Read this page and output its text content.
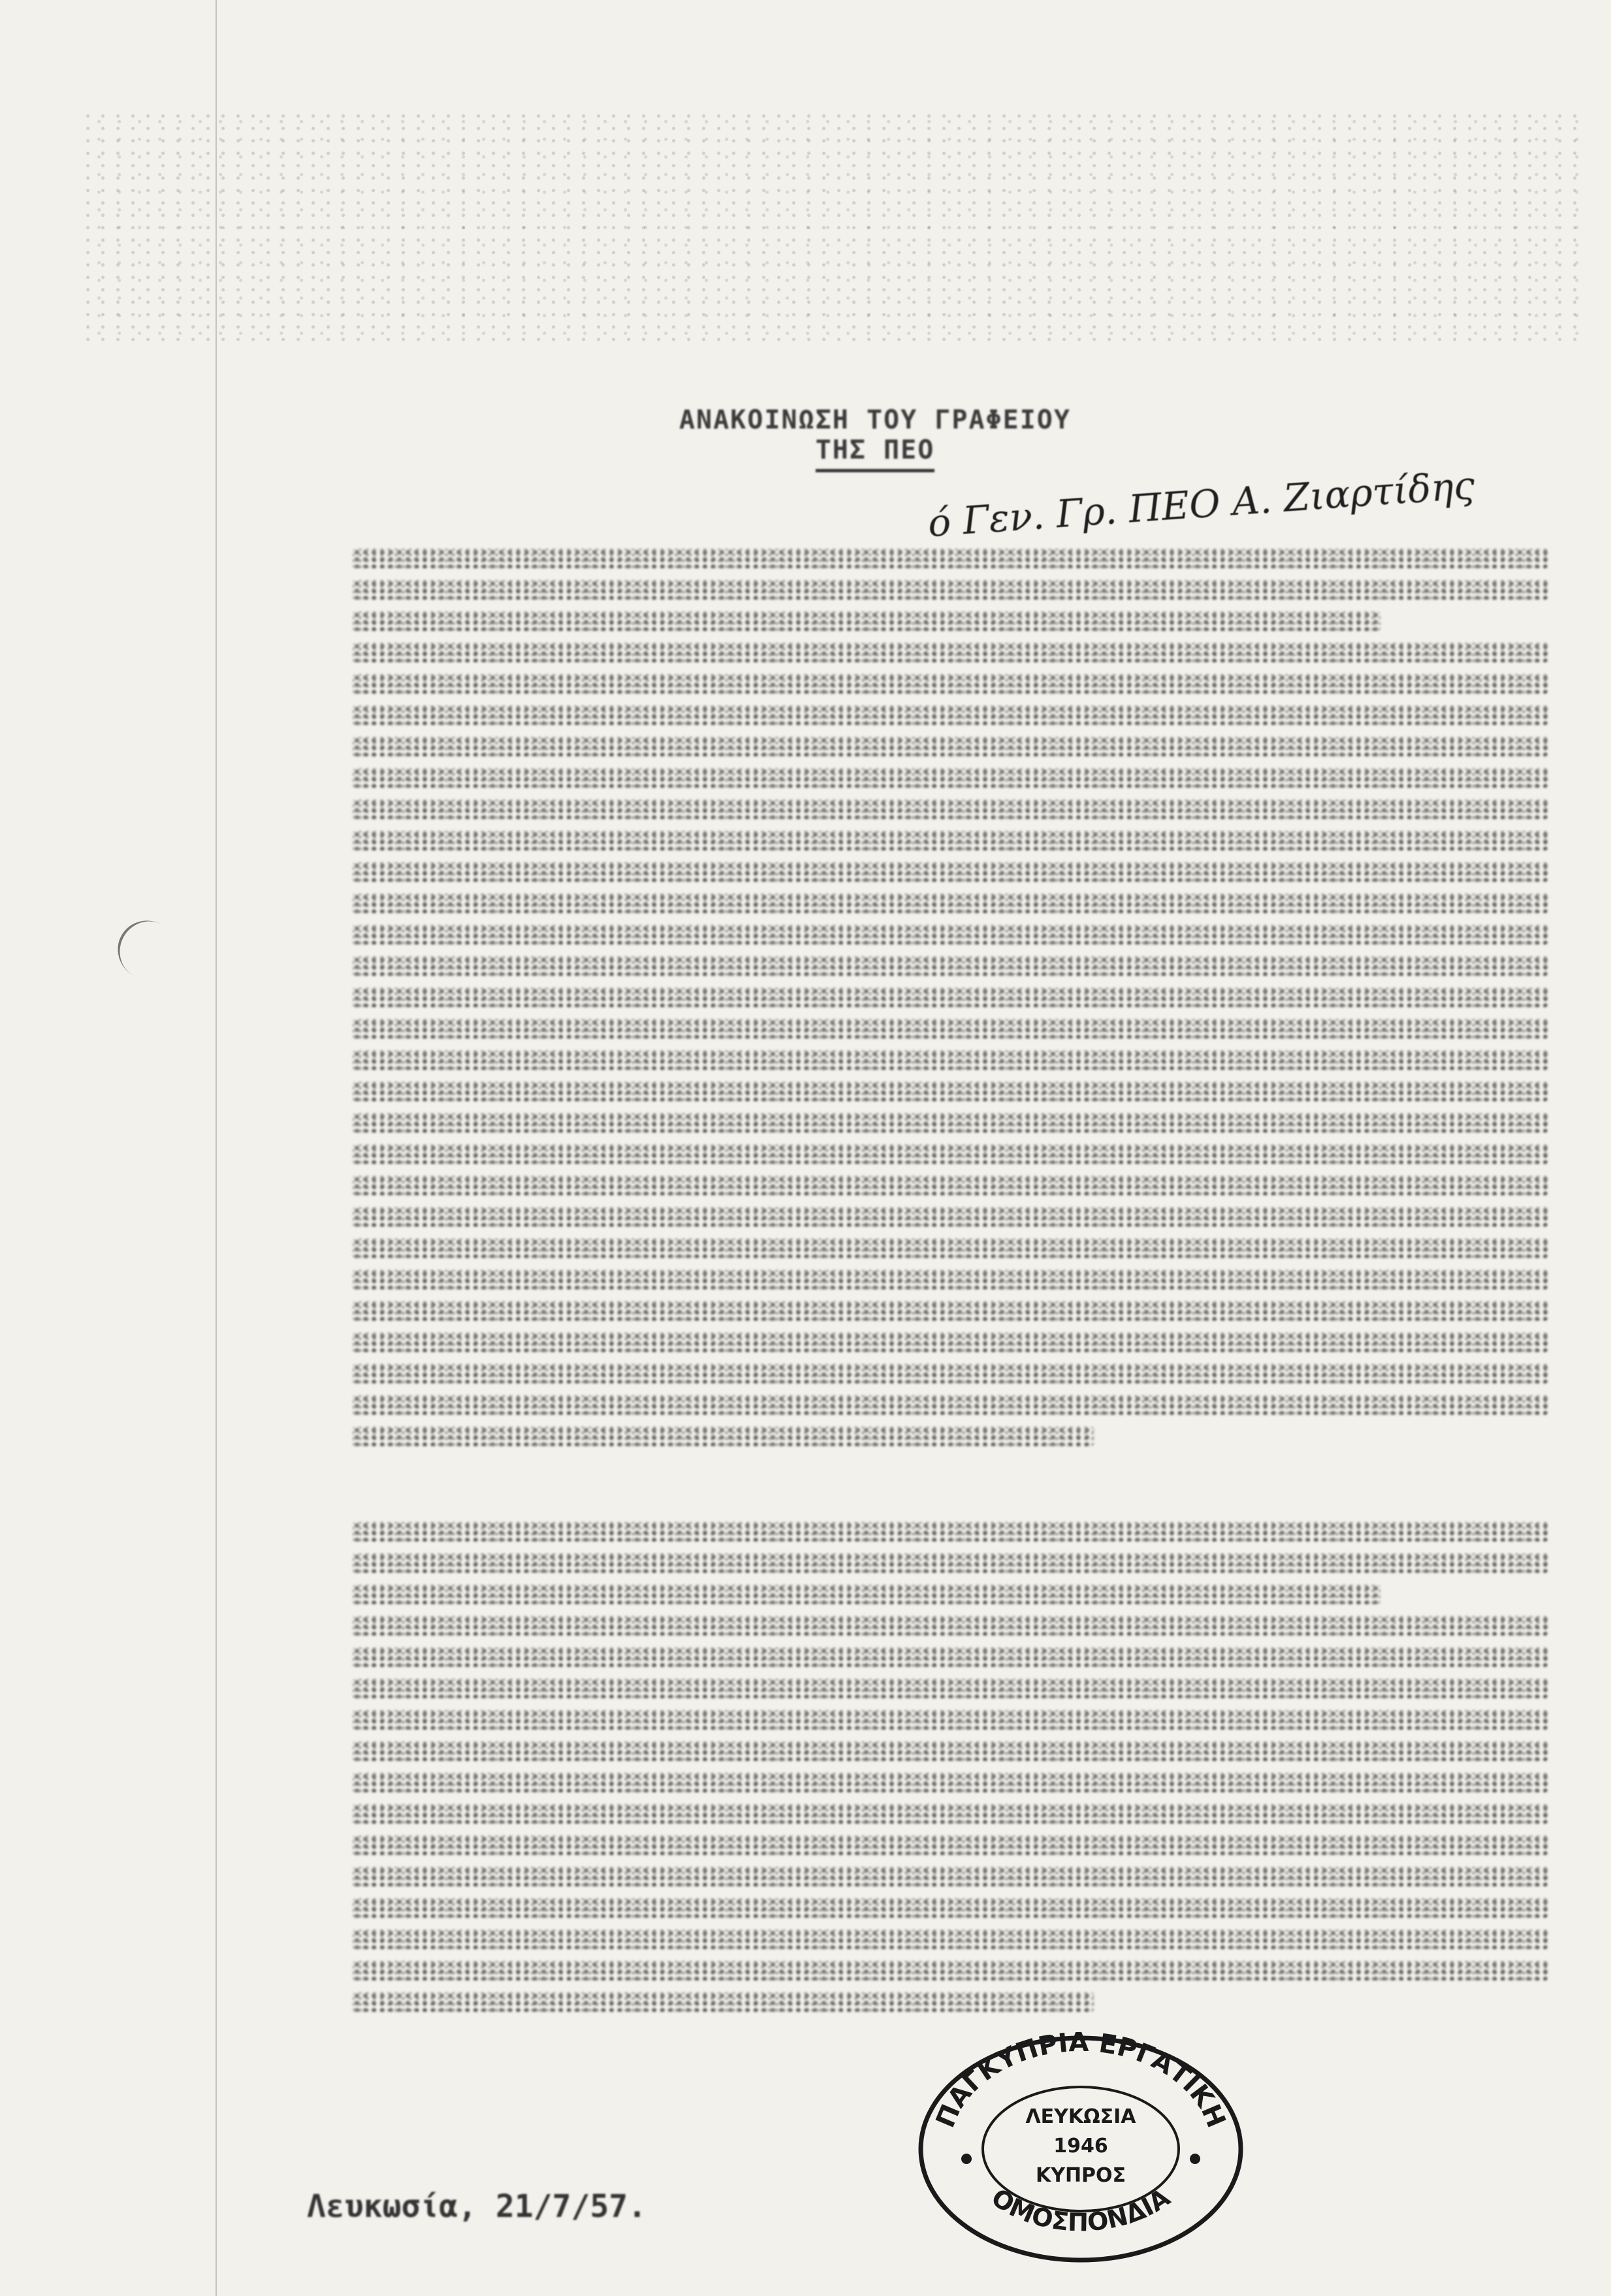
ΑΝΑΚΟΙΝΩΣΗ ΤΟΥ ΓΡΑΦΕΙΟΥ
ΤΗΣ ΠΕΟ
ό Γεν. Γρ. ΠΕΟ Α. Ζιαρτίδης
Λευκωσία, 21/7/57.
ΠΑΓΚΥΠΡΙΑ ΕΡΓΑΤΙΚΗ
ΟΜΟΣΠΟΝΔΙΑ
ΛΕΥΚΩΣΙΑ
1946
ΚΥΠΡΟΣ
